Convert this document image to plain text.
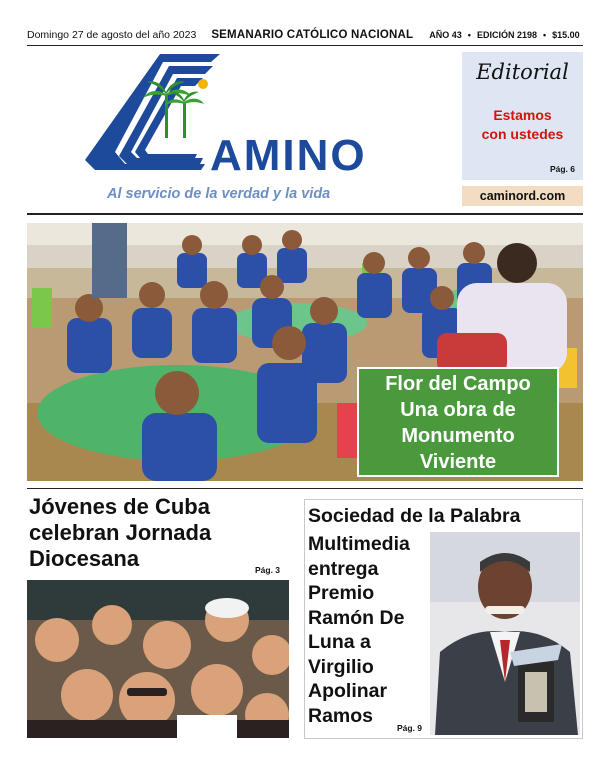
Domingo 27 de agosto del año 2023 SEMANARIO CATÓLICO NACIONAL AÑO 43 • EDICIÓN 2198 • $15.00
AMINO
Al servicio de la verdad y la vida
Editorial
Estamos
con ustedes
Pág. 6
caminord.com
Flor del Campo
Una obra de
Monumento
Viviente
Jóvenes de Cuba
celebran Jornada
Diocesana	Pág. 3
Sociedad de la Palabra
Multimedia
entrega
Premio
Ramón De
Luna a
Virgilio
Apolinar
Ramos
Pág. 9
